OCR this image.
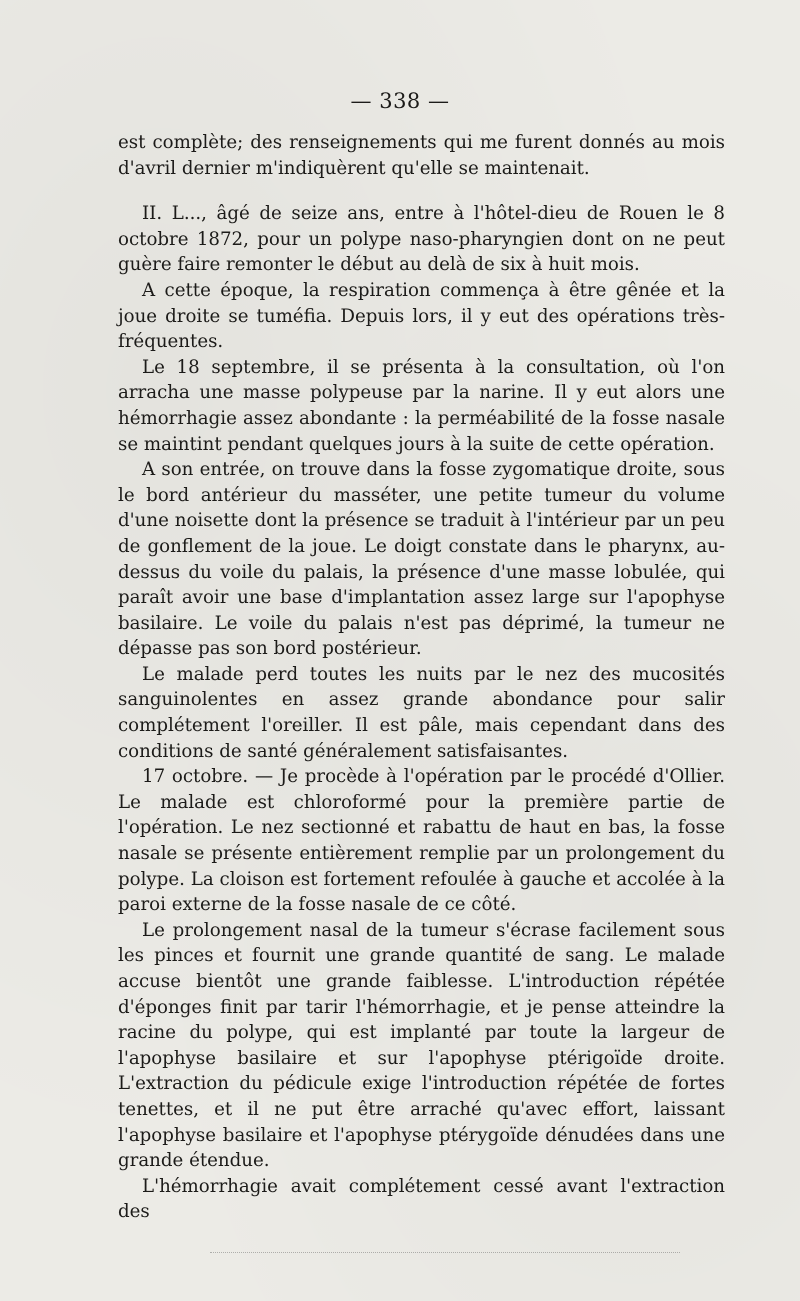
— 338 —

est complète; des renseignements qui me furent donnés au mois d'avril dernier m'indiquèrent qu'elle se maintenait.

II. L..., âgé de seize ans, entre à l'hôtel-dieu de Rouen le 8 octobre 1872, pour un polype naso-pharyngien dont on ne peut guère faire remonter le début au delà de six à huit mois.

A cette époque, la respiration commença à être gênée et la joue droite se tuméfia. Depuis lors, il y eut des opérations très-fréquentes.

Le 18 septembre, il se présenta à la consultation, où l'on arracha une masse polypeuse par la narine. Il y eut alors une hémorrhagie assez abondante : la perméabilité de la fosse nasale se maintint pendant quelques jours à la suite de cette opération.

A son entrée, on trouve dans la fosse zygomatique droite, sous le bord antérieur du masséter, une petite tumeur du volume d'une noisette dont la présence se traduit à l'intérieur par un peu de gonflement de la joue. Le doigt constate dans le pharynx, au-dessus du voile du palais, la présence d'une masse lobulée, qui paraît avoir une base d'implantation assez large sur l'apophyse basilaire. Le voile du palais n'est pas déprimé, la tumeur ne dépasse pas son bord postérieur.

Le malade perd toutes les nuits par le nez des mucosités sanguinolentes en assez grande abondance pour salir complétement l'oreiller. Il est pâle, mais cependant dans des conditions de santé généralement satisfaisantes.

17 octobre. — Je procède à l'opération par le procédé d'Ollier. Le malade est chloroformé pour la première partie de l'opération. Le nez sectionné et rabattu de haut en bas, la fosse nasale se présente entièrement remplie par un prolongement du polype. La cloison est fortement refoulée à gauche et accolée à la paroi externe de la fosse nasale de ce côté.

Le prolongement nasal de la tumeur s'écrase facilement sous les pinces et fournit une grande quantité de sang. Le malade accuse bientôt une grande faiblesse. L'introduction répétée d'éponges finit par tarir l'hémorrhagie, et je pense atteindre la racine du polype, qui est implanté par toute la largeur de l'apophyse basilaire et sur l'apophyse ptérigoïde droite. L'extraction du pédicule exige l'introduction répétée de fortes tenettes, et il ne put être arraché qu'avec effort, laissant l'apophyse basilaire et l'apophyse ptérygoïde dénudées dans une grande étendue.

L'hémorrhagie avait complétement cessé avant l'extraction des
